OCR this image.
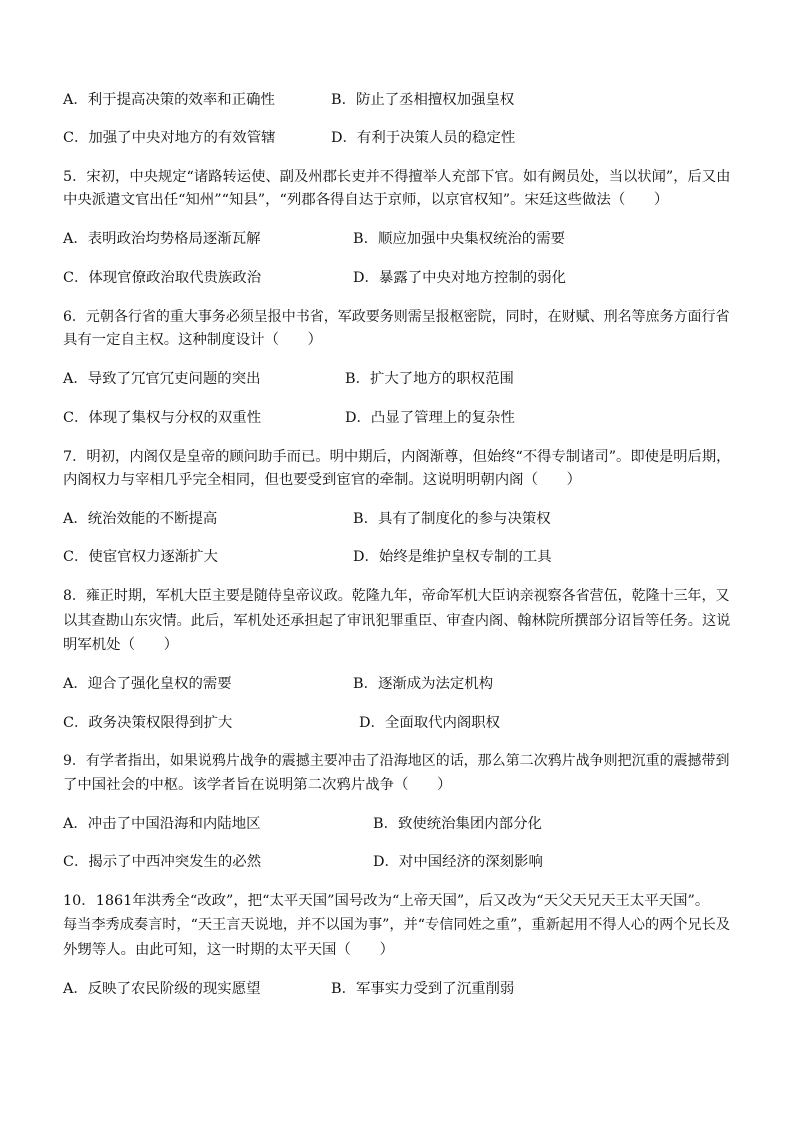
A．利于提高决策的效率和正确性	B．防止了丞相擅权加强皇权
C．加强了中央对地方的有效管辖	D．有利于决策人员的稳定性
5．宋初，中央规定“诸路转运使、副及州郡长吏并不得擅举人充部下官。如有阙员处，当以状闻”，后又由
中央派遣文官出任“知州”“知县”，“列郡各得自达于京师，以京官权知”。宋廷这些做法（　　）
A．表明政治均势格局逐渐瓦解	B．顺应加强中央集权统治的需要
C．体现官僚政治取代贵族政治	D．暴露了中央对地方控制的弱化
6．元朝各行省的重大事务必须呈报中书省，军政要务则需呈报枢密院，同时，在财赋、刑名等庶务方面行省
具有一定自主权。这种制度设计（　　）
A．导致了冗官冗吏问题的突出	B．扩大了地方的职权范围
C．体现了集权与分权的双重性	D．凸显了管理上的复杂性
7．明初，内阁仅是皇帝的顾问助手而已。明中期后，内阁渐尊，但始终“不得专制诸司”。即使是明后期，
内阁权力与宰相几乎完全相同，但也要受到宦官的牵制。这说明明朝内阁（　　）
A．统治效能的不断提高	B．具有了制度化的参与决策权
C．使宦官权力逐渐扩大	D．始终是维护皇权专制的工具
8．雍正时期，军机大臣主要是随侍皇帝议政。乾隆九年，帝命军机大臣讷亲视察各省营伍，乾隆十三年，又
以其查勘山东灾情。此后，军机处还承担起了审讯犯罪重臣、审查内阁、翰林院所撰部分诏旨等任务。这说
明军机处（　　）
A．迎合了强化皇权的需要	B．逐渐成为法定机构
C．政务决策权限得到扩大	D．全面取代内阁职权
9．有学者指出，如果说鸦片战争的震撼主要冲击了沿海地区的话，那么第二次鸦片战争则把沉重的震撼带到
了中国社会的中枢。该学者旨在说明第二次鸦片战争（　　）
A．冲击了中国沿海和内陆地区	B．致使统治集团内部分化
C．揭示了中西冲突发生的必然	D．对中国经济的深刻影响
10．1861年洪秀全“改政”，把“太平天国”国号改为“上帝天国”，后又改为“天父天兄天王太平天国”。
每当李秀成奏言时，“天王言天说地，并不以国为事”，并“专信同姓之重”，重新起用不得人心的两个兄长及
外甥等人。由此可知，这一时期的太平天国（　　）
A．反映了农民阶级的现实愿望	B．军事实力受到了沉重削弱
